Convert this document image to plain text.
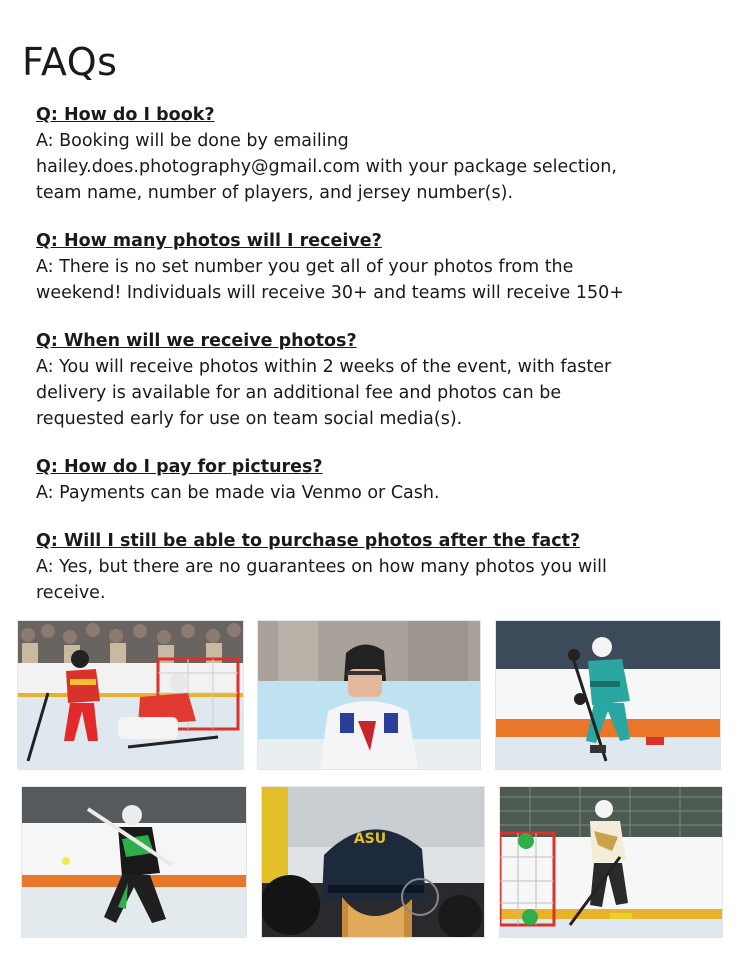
FAQs

Q: How do I book?

A: Booking will be done by emailing

hailey.does.photography@gmail.com with your package selection,

team name, number of players, and jersey number(s).

Q: How many photos will I receive?

A: There is no set number you get all of your photos from the

weekend! Individuals will receive 30+ and teams will receive 150+

Q: When will we receive photos?

A: You will receive photos within 2 weeks of the event, with faster

delivery is available for an additional fee and photos can be

requested early for use on team social media(s).

Q: How do I pay for pictures?

A: Payments can be made via Venmo or Cash.

Q: Will I still be able to purchase photos after the fact?

A: Yes, but there are no guarantees on how many photos you will

receive.

ASU
